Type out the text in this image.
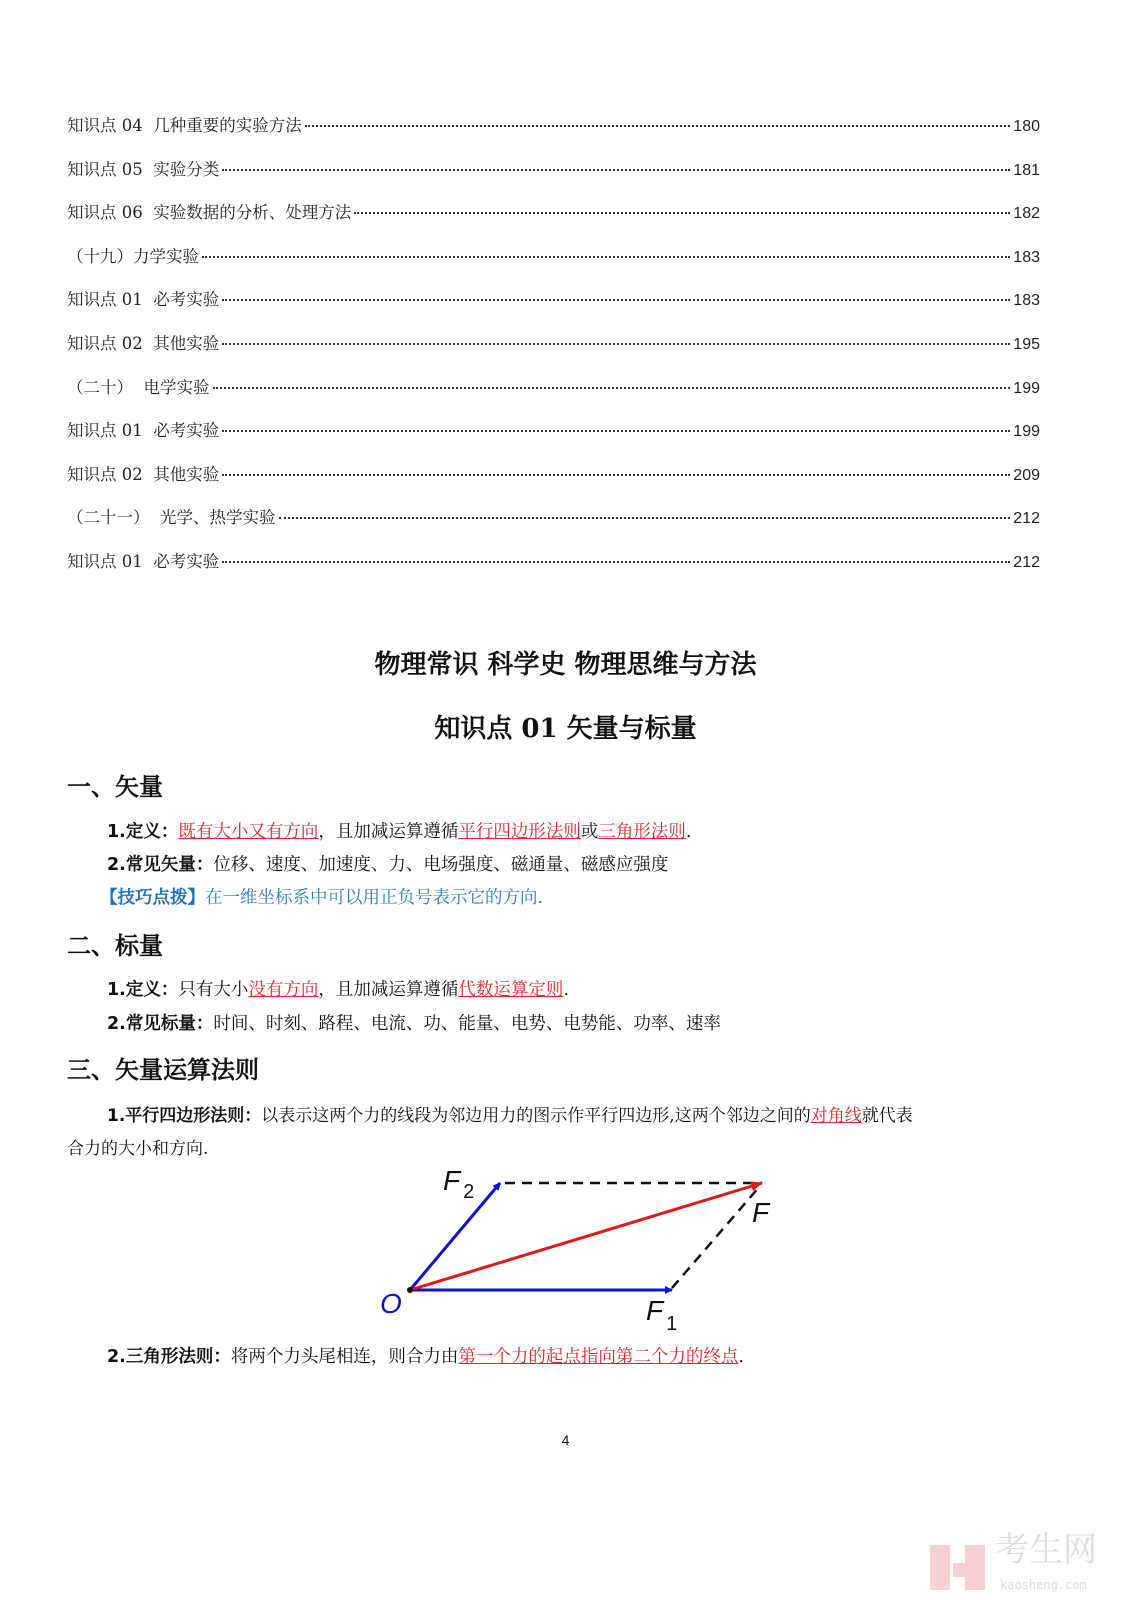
知识点 04  几种重要的实验方法	180
知识点 05  实验分类	181
知识点 06  实验数据的分析、处理方法	182
（十九）力学实验	183
知识点 01  必考实验	183
知识点 02  其他实验	195
（二十）  电学实验	199
知识点 01  必考实验	199
知识点 02  其他实验	209
（二十一）  光学、热学实验	212
知识点 01  必考实验	212
物理常识 科学史 物理思维与方法
知识点 01 矢量与标量
一、矢量
1.定义：既有大小又有方向，且加减运算遵循平行四边形法则或三角形法则.
2.常见矢量：位移、速度、加速度、力、电场强度、磁通量、磁感应强度
【技巧点拨】在一维坐标系中可以用正负号表示它的方向.
二、标量
1.定义：只有大小没有方向，且加减运算遵循代数运算定则.
2.常见标量：时间、时刻、路程、电流、功、能量、电势、电势能、功率、速率
三、矢量运算法则
1.平行四边形法则：以表示这两个力的线段为邻边用力的图示作平行四边形,这两个邻边之间的对角线就代表
合力的大小和方向.
O
F $_2$
F
F $_1$
2.三角形法则：将两个力头尾相连，则合力由第一个力的起点指向第二个力的终点.
4
考生网
kaosheng.com
